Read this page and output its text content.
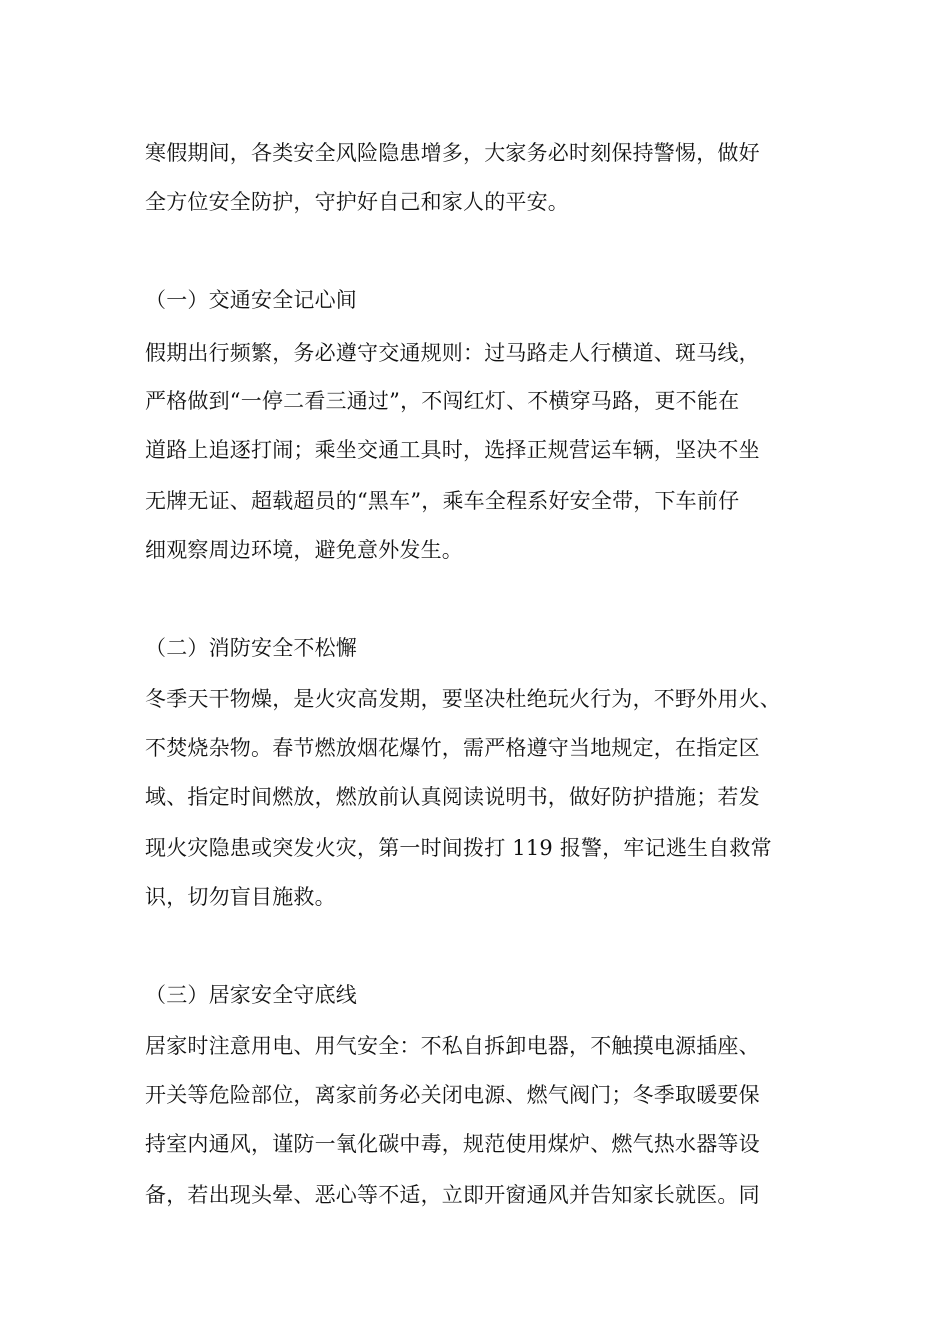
寒假期间，各类安全风险隐患增多，大家务必时刻保持警惕，做好
全方位安全防护，守护好自己和家人的平安。
（一）交通安全记心间
假期出行频繁，务必遵守交通规则：过马路走人行横道、斑马线，
严格做到“一停二看三通过”，不闯红灯、不横穿马路，更不能在
道路上追逐打闹；乘坐交通工具时，选择正规营运车辆，坚决不坐
无牌无证、超载超员的“黑车”，乘车全程系好安全带，下车前仔
细观察周边环境，避免意外发生。
（二）消防安全不松懈
冬季天干物燥，是火灾高发期，要坚决杜绝玩火行为，不野外用火、
不焚烧杂物。春节燃放烟花爆竹，需严格遵守当地规定，在指定区
域、指定时间燃放，燃放前认真阅读说明书，做好防护措施；若发
现火灾隐患或突发火灾，第一时间拨打 119 报警，牢记逃生自救常
识，切勿盲目施救。
（三）居家安全守底线
居家时注意用电、用气安全：不私自拆卸电器，不触摸电源插座、
开关等危险部位，离家前务必关闭电源、燃气阀门；冬季取暖要保
持室内通风，谨防一氧化碳中毒，规范使用煤炉、燃气热水器等设
备，若出现头晕、恶心等不适，立即开窗通风并告知家长就医。同
